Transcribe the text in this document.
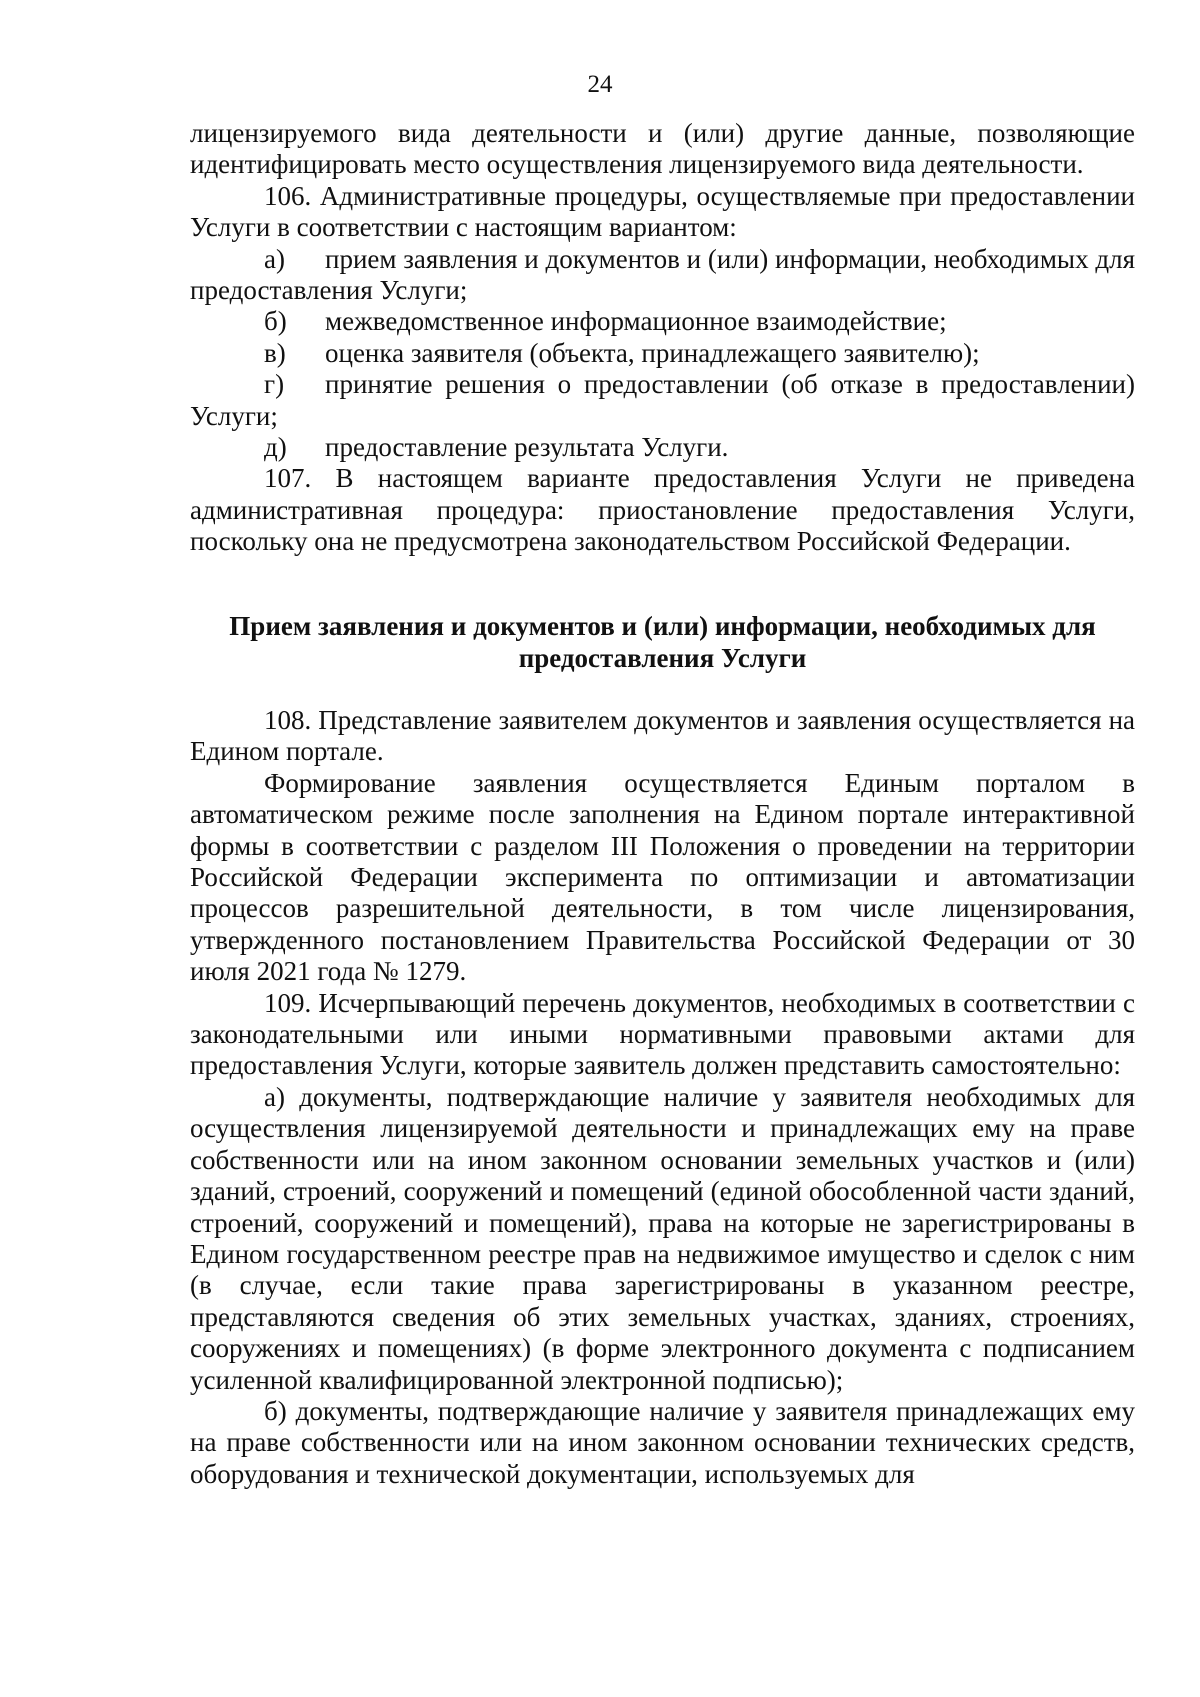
24

лицензируемого вида деятельности и (или) другие данные, позволяющие идентифицировать место осуществления лицензируемого вида деятельности.

106. Административные процедуры, осуществляемые при предоставлении Услуги в соответствии с настоящим вариантом:

а) прием заявления и документов и (или) информации, необходимых для предоставления Услуги;

б) межведомственное информационное взаимодействие;

в) оценка заявителя (объекта, принадлежащего заявителю);

г) принятие решения о предоставлении (об отказе в предоставлении) Услуги;

д) предоставление результата Услуги.

107. В настоящем варианте предоставления Услуги не приведена административная процедура: приостановление предоставления Услуги, поскольку она не предусмотрена законодательством Российской Федерации.

Прием заявления и документов и (или) информации, необходимых для

предоставления Услуги

108. Представление заявителем документов и заявления осуществляется на Едином портале.

Формирование заявления осуществляется Единым порталом в автоматическом режиме после заполнения на Едином портале интерактивной формы в соответствии с разделом III Положения о проведении на территории Российской Федерации эксперимента по оптимизации и автоматизации процессов разрешительной деятельности, в том числе лицензирования, утвержденного постановлением Правительства Российской Федерации от 30 июля 2021 года № 1279.

109. Исчерпывающий перечень документов, необходимых в соответствии с законодательными или иными нормативными правовыми актами для предоставления Услуги, которые заявитель должен представить самостоятельно:

а) документы, подтверждающие наличие у заявителя необходимых для осуществления лицензируемой деятельности и принадлежащих ему на праве собственности или на ином законном основании земельных участков и (или) зданий, строений, сооружений и помещений (единой обособленной части зданий, строений, сооружений и помещений), права на которые не зарегистрированы в Едином государственном реестре прав на недвижимое имущество и сделок с ним (в случае, если такие права зарегистрированы в указанном реестре, представляются сведения об этих земельных участках, зданиях, строениях, сооружениях и помещениях) (в форме электронного документа с подписанием усиленной квалифицированной электронной подписью);

б) документы, подтверждающие наличие у заявителя принадлежащих ему на праве собственности или на ином законном основании технических средств, оборудования и технической документации, используемых для
